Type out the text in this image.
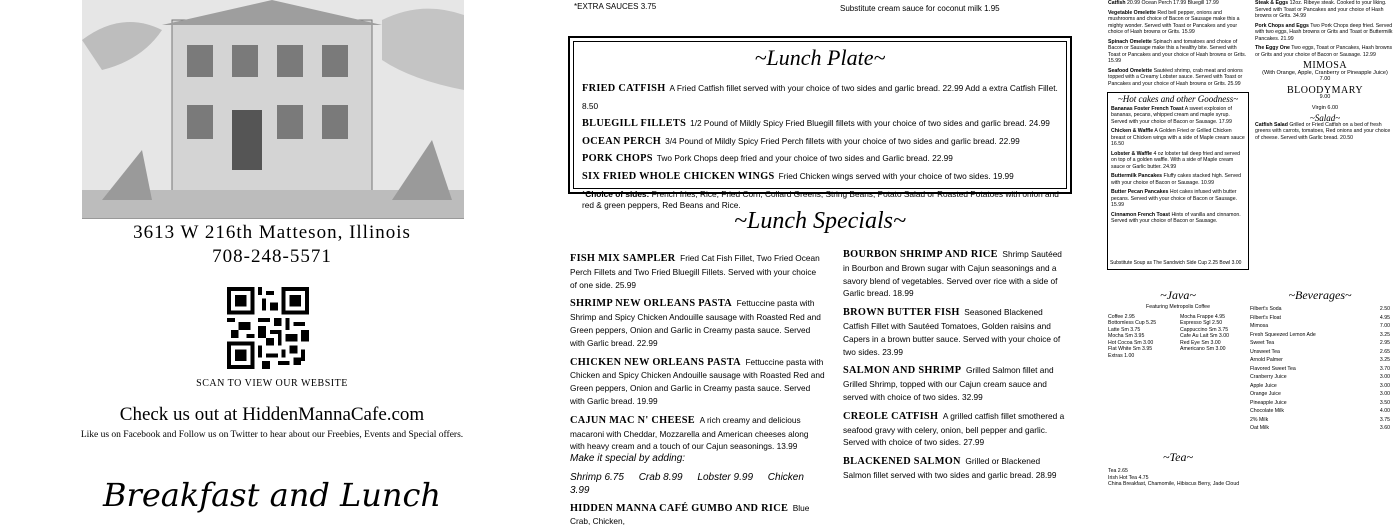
3613 W 216th Matteson, Illinois
708-248-5571
SCAN TO VIEW OUR WEBSITE
Check us out at HiddenMannaCafe.com
Like us on Facebook and Follow us on Twitter to hear about our Freebies, Events and Special offers.
Breakfast and Lunch
*EXTRA SAUCES 3.75	Substitute cream sauce for coconut milk 1.95
~Lunch Plate~
FRIED CATFISH A Fried Catfish fillet served with your choice of two sides and garlic bread. 22.99 Add a extra Catfish Fillet. 8.50
BLUEGILL FILLETS 1/2 Pound of Mildly Spicy Fried Bluegill fillets with your choice of two sides and garlic bread. 24.99
OCEAN PERCH 3/4 Pound of Mildly Spicy Fried Perch fillets with your choice of two sides and garlic bread. 22.99
PORK CHOPS Two Pork Chops deep fried and your choice of two sides and Garlic bread. 22.99
SIX FRIED WHOLE CHICKEN WINGS Fried Chicken wings served with your choice of two sides. 19.99
*Choice of sides: French fries, Rice, Fried Corn, Collard Greens, String Beans, Potato Salad or Roasted Potatoes with onion and red & green peppers, Red Beans and Rice.
~Lunch Specials~
FISH MIX SAMPLER Fried Cat Fish Fillet, Two Fried Ocean Perch Fillets and Two Fried Bluegill Fillets. Served with your choice of one side. 25.99
SHRIMP NEW ORLEANS PASTA Fettuccine pasta with Shrimp and Spicy Chicken Andouille sausage with Roasted Red and Green peppers, Onion and Garlic in Creamy pasta sauce. Served with Garlic bread. 22.99
CHICKEN NEW ORLEANS PASTA Fettuccine pasta with Chicken and Spicy Chicken Andouille sausage with Roasted Red and Green peppers, Onion and Garlic in Creamy pasta sauce. Served with Garlic bread. 19.99
CAJUN MAC N' CHEESE A rich creamy and delicious macaroni with Cheddar, Mozzarella and American cheeses along with heavy cream and a touch of our Cajun seasonings. 13.99
Make it special by adding:
Shrimp 6.75 Crab 8.99 Lobster 9.99 Chicken 3.99
HIDDEN MANNA CAFÉ GUMBO AND RICE Blue Crab, Chicken,
BOURBON SHRIMP AND RICE Shrimp Sautéed in Bourbon and Brown sugar with Cajun seasonings and a savory blend of vegetables. Served over rice with a side of Garlic bread. 18.99
BROWN BUTTER FISH Seasoned Blackened Catfish Fillet with Sautéed Tomatoes, Golden raisins and Capers in a brown butter sauce. Served with your choice of two sides. 23.99
SALMON AND SHRIMP Grilled Salmon fillet and Grilled Shrimp, topped with our Cajun cream sauce and served with choice of two sides. 32.99
CREOLE CATFISH A grilled catfish fillet smothered a seafood gravy with celery, onion, bell pepper and garlic. Served with choice of two sides. 27.99
BLACKENED SALMON Grilled or Blackened Salmon fillet served with two sides and garlic bread. 28.99
Catfish 20.99 Ocean Perch 17.99 Bluegill 17.99
Vegetable Omelette Red bell pepper, onions and mushrooms and choice of Bacon or Sausage make this a mighty wonder. Served with Toast or Pancakes and your choice of Hash browns or Grits. 15.99
Spinach Omelette Spinach and tomatoes and choice of Bacon or Sausage make this a healthy bite. Served with Toast or Pancakes and your choice of Hash browns or Grits. 15.99
Seafood Omelette Sautéed shrimp, crab meat and onions topped with a Creamy Lobster sauce. Served with Toast or Pancakes and your choice of Hash browns or Grits. 25.99
~Hot cakes and other Goodness~
Bananas Foster French Toast A sweet explosion of bananas, pecans, whipped cream and maple syrup. Served with your choice of Bacon or Sausage. 17.99
Chicken & Waffle A Golden Fried or Grilled Chicken breast or Chicken wings with a side of Maple cream sauce 16.50
Lobster & Waffle 4 oz lobster tail deep fried and served on top of a golden waffle. With a side of Maple cream sauce or Garlic butter. 24.99
Buttermilk Pancakes Fluffy cakes stacked high. Served with your choice of Bacon or Sausage. 10.99
Butter Pecan Pancakes Hot cakes infused with butter pecans. Served with your choice of Bacon or Sausage. 15.99
Cinnamon French Toast Hints of vanilla and cinnamon. Served with your choice of Bacon or Sausage.
Substitute Soup as The Sandwich Side Cup 2.25 Bowl 3.00
Steak & Eggs 12oz. Ribeye steak. Cooked to your liking. Served with Toast or Pancakes and your choice of Hash browns or Grits. 34.99
Pork Chops and Eggs Two Pork Chops deep fried. Served with two eggs, Hash browns or Grits and Toast or Buttermilk Pancakes. 21.99
The Eggy One Two eggs, Toast or Pancakes, Hash browns or Grits and your choice of Bacon or Sausage. 12.99
MIMOSA
(With Orange, Apple, Cranberry or Pineapple Juice)
7.00
BLOODYMARY
9.00
Virgin 6.00
~Salad~
Catfish Salad Grilled or Fried Catfish on a bed of fresh greens with carrots, tomatoes, Red onions and your choice of cheese. Served with Garlic bread. 20.50
~Java~
Featuring Metropolis Coffee
Coffee 2.95	Mocha Frappe 4.95
Bottomless Cup 5.25	Espresso Sgl 2.50
Latte Sm 3.75	Cappuccino Sm 3.75
Mocha Sm 3.95	Cafe Au Lait Sm 3.00
Hot Cocoa Sm 3.00	Red Eye Sm 3.00
Flat White Sm 3.95	Americano Sm 3.00
Extras 1.00
~Tea~
Tea 2.65
Irish Hot Tea 4.75
China Breakfast, Chamomile, Hibiscus Berry, Jade Cloud
~Beverages~
Filbert's Soda	2.50
Filbert's Float	4.95
Mimosa	7.00
Fresh Squeezed Lemon Ade	3.25
Sweet Tea	2.95
Unsweet Tea	2.65
Arnold Palmer	3.25
Flavored Sweet Tea	3.70
Cranberry Juice	3.00
Apple Juice	3.00
Orange Juice	3.00
Pineapple Juice	3.50
Chocolate Milk	4.00
2% Milk	3.75
Oat Milk	3.60
